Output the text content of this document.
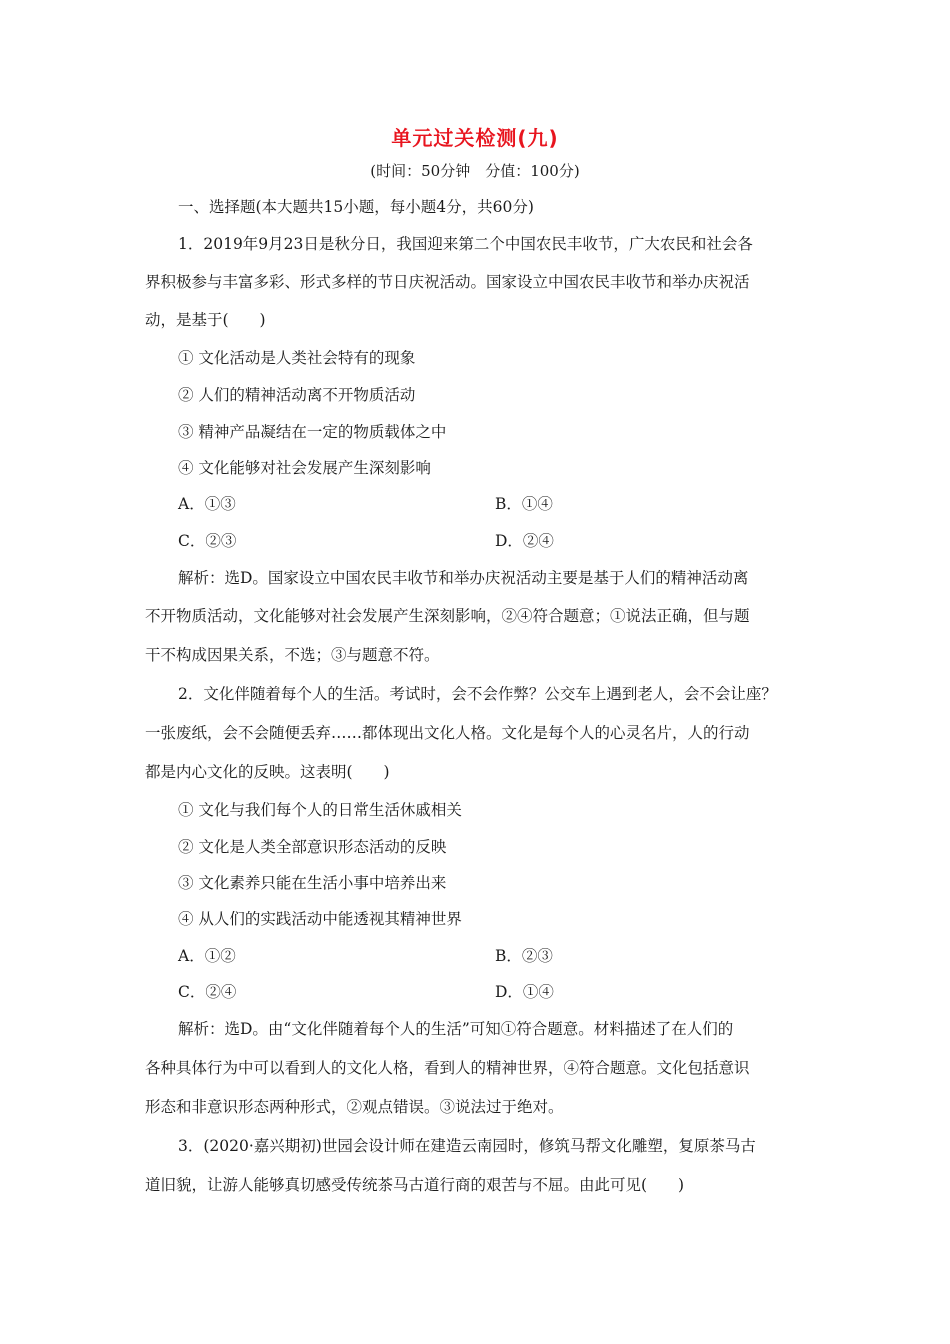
单元过关检测(九)
(时间：50分钟　分值：100分)
一、选择题(本大题共15小题，每小题4分，共60分)
1．2019年9月23日是秋分日，我国迎来第二个中国农民丰收节，广大农民和社会各
界积极参与丰富多彩、形式多样的节日庆祝活动。国家设立中国农民丰收节和举办庆祝活
动，是基于(　　)
① 文化活动是人类社会特有的现象
② 人们的精神活动离不开物质活动
③ 精神产品凝结在一定的物质载体之中
④ 文化能够对社会发展产生深刻影响
A．①③	B．①④
C．②③	D．②④
解析：选D。国家设立中国农民丰收节和举办庆祝活动主要是基于人们的精神活动离
不开物质活动，文化能够对社会发展产生深刻影响，②④符合题意；①说法正确，但与题
干不构成因果关系，不选；③与题意不符。
2．文化伴随着每个人的生活。考试时，会不会作弊？公交车上遇到老人，会不会让座？
一张废纸，会不会随便丢弃……都体现出文化人格。文化是每个人的心灵名片，人的行动
都是内心文化的反映。这表明(　　)
① 文化与我们每个人的日常生活休戚相关
② 文化是人类全部意识形态活动的反映
③ 文化素养只能在生活小事中培养出来
④ 从人们的实践活动中能透视其精神世界
A．①②	B．②③
C．②④	D．①④
解析：选D。由“文化伴随着每个人的生活”可知①符合题意。材料描述了在人们的
各种具体行为中可以看到人的文化人格，看到人的精神世界，④符合题意。文化包括意识
形态和非意识形态两种形式，②观点错误。③说法过于绝对。
3．(2020·嘉兴期初)世园会设计师在建造云南园时，修筑马帮文化雕塑，复原茶马古
道旧貌，让游人能够真切感受传统茶马古道行商的艰苦与不屈。由此可见(　　)
